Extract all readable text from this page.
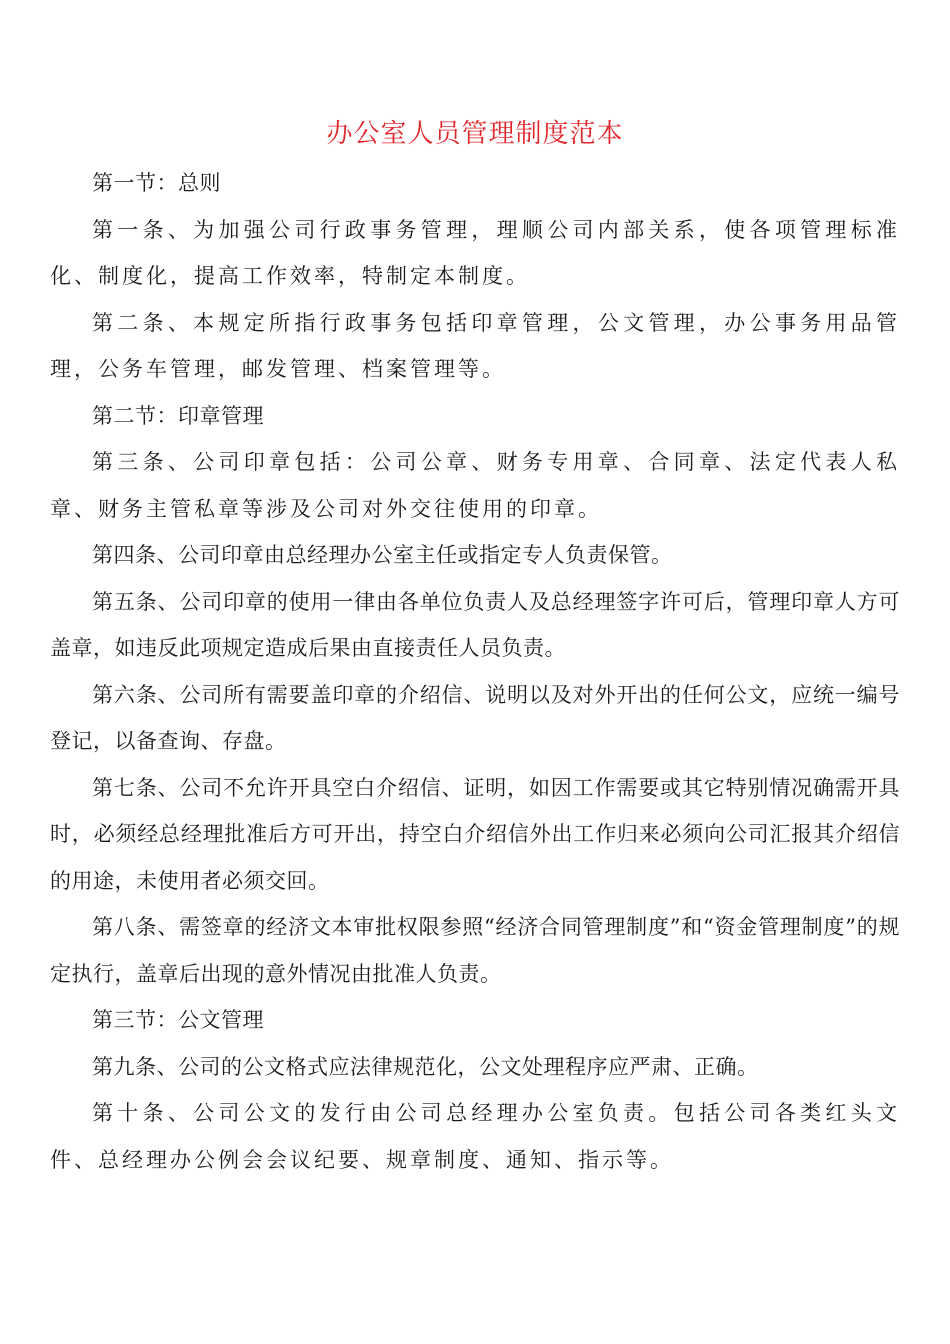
办公室人员管理制度范本

第一节：总则

第一条、为加强公司行政事务管理，理顺公司内部关系，使各项管理标准化、制度化，提高工作效率，特制定本制度。

第二条、本规定所指行政事务包括印章管理，公文管理，办公事务用品管理，公务车管理，邮发管理、档案管理等。

第二节：印章管理

第三条、公司印章包括：公司公章、财务专用章、合同章、法定代表人私章、财务主管私章等涉及公司对外交往使用的印章。

第四条、公司印章由总经理办公室主任或指定专人负责保管。

第五条、公司印章的使用一律由各单位负责人及总经理签字许可后，管理印章人方可盖章，如违反此项规定造成后果由直接责任人员负责。

第六条、公司所有需要盖印章的介绍信、说明以及对外开出的任何公文，应统一编号登记，以备查询、存盘。

第七条、公司不允许开具空白介绍信、证明，如因工作需要或其它特别情况确需开具时，必须经总经理批准后方可开出，持空白介绍信外出工作归来必须向公司汇报其介绍信的用途，未使用者必须交回。

第八条、需签章的经济文本审批权限参照“经济合同管理制度”和“资金管理制度”的规定执行，盖章后出现的意外情况由批准人负责。

第三节：公文管理

第九条、公司的公文格式应法律规范化，公文处理程序应严肃、正确。

第十条、公司公文的发行由公司总经理办公室负责。包括公司各类红头文件、总经理办公例会会议纪要、规章制度、通知、指示等。
